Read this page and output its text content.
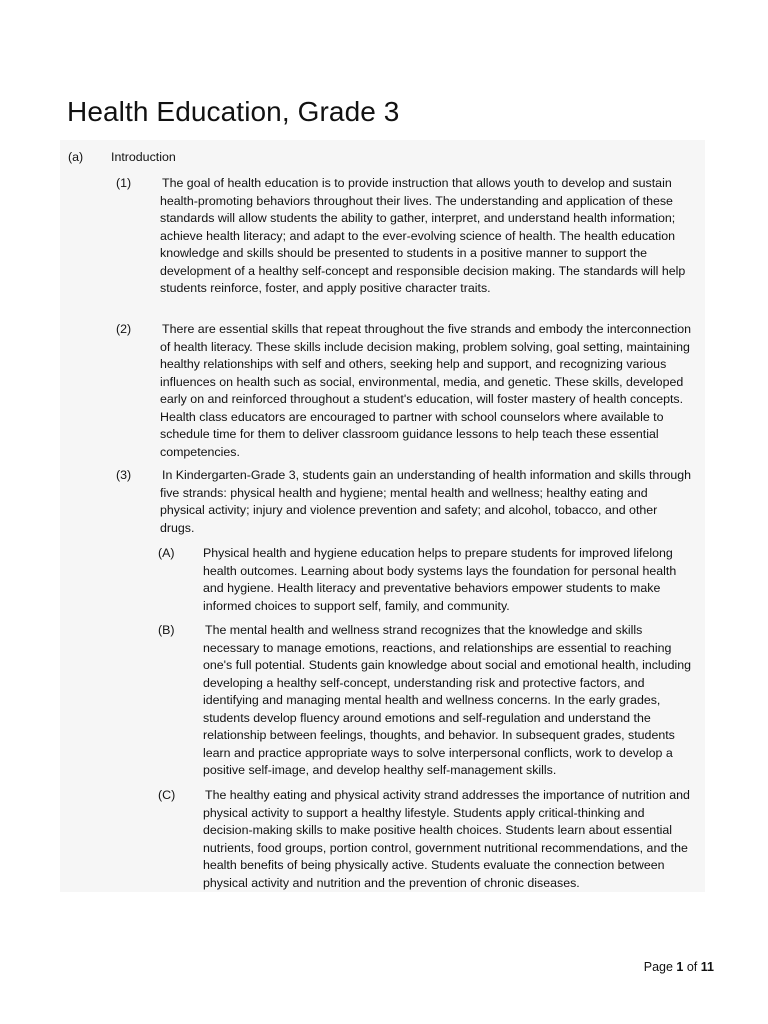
Health Education, Grade 3
(a) Introduction
(1) The goal of health education is to provide instruction that allows youth to develop and sustain health-promoting behaviors throughout their lives. The understanding and application of these standards will allow students the ability to gather, interpret, and understand health information; achieve health literacy; and adapt to the ever-evolving science of health. The health education knowledge and skills should be presented to students in a positive manner to support the development of a healthy self-concept and responsible decision making. The standards will help students reinforce, foster, and apply positive character traits.

(2) There are essential skills that repeat throughout the five strands and embody the interconnection of health literacy. These skills include decision making, problem solving, goal setting, maintaining healthy relationships with self and others, seeking help and support, and recognizing various influences on health such as social, environmental, media, and genetic. These skills, developed early on and reinforced throughout a student's education, will foster mastery of health concepts. Health class educators are encouraged to partner with school counselors where available to schedule time for them to deliver classroom guidance lessons to help teach these essential competencies.

(3) In Kindergarten-Grade 3, students gain an understanding of health information and skills through five strands: physical health and hygiene; mental health and wellness; healthy eating and physical activity; injury and violence prevention and safety; and alcohol, tobacco, and other drugs.

(A) Physical health and hygiene education helps to prepare students for improved lifelong health outcomes. Learning about body systems lays the foundation for personal health and hygiene. Health literacy and preventative behaviors empower students to make informed choices to support self, family, and community.

(B) The mental health and wellness strand recognizes that the knowledge and skills necessary to manage emotions, reactions, and relationships are essential to reaching one's full potential. Students gain knowledge about social and emotional health, including developing a healthy self-concept, understanding risk and protective factors, and identifying and managing mental health and wellness concerns. In the early grades, students develop fluency around emotions and self-regulation and understand the relationship between feelings, thoughts, and behavior. In subsequent grades, students learn and practice appropriate ways to solve interpersonal conflicts, work to develop a positive self-image, and develop healthy self-management skills.

(C) The healthy eating and physical activity strand addresses the importance of nutrition and physical activity to support a healthy lifestyle. Students apply critical-thinking and decision-making skills to make positive health choices. Students learn about essential nutrients, food groups, portion control, government nutritional recommendations, and the health benefits of being physically active. Students evaluate the connection between physical activity and nutrition and the prevention of chronic diseases.

Page 1 of 11
